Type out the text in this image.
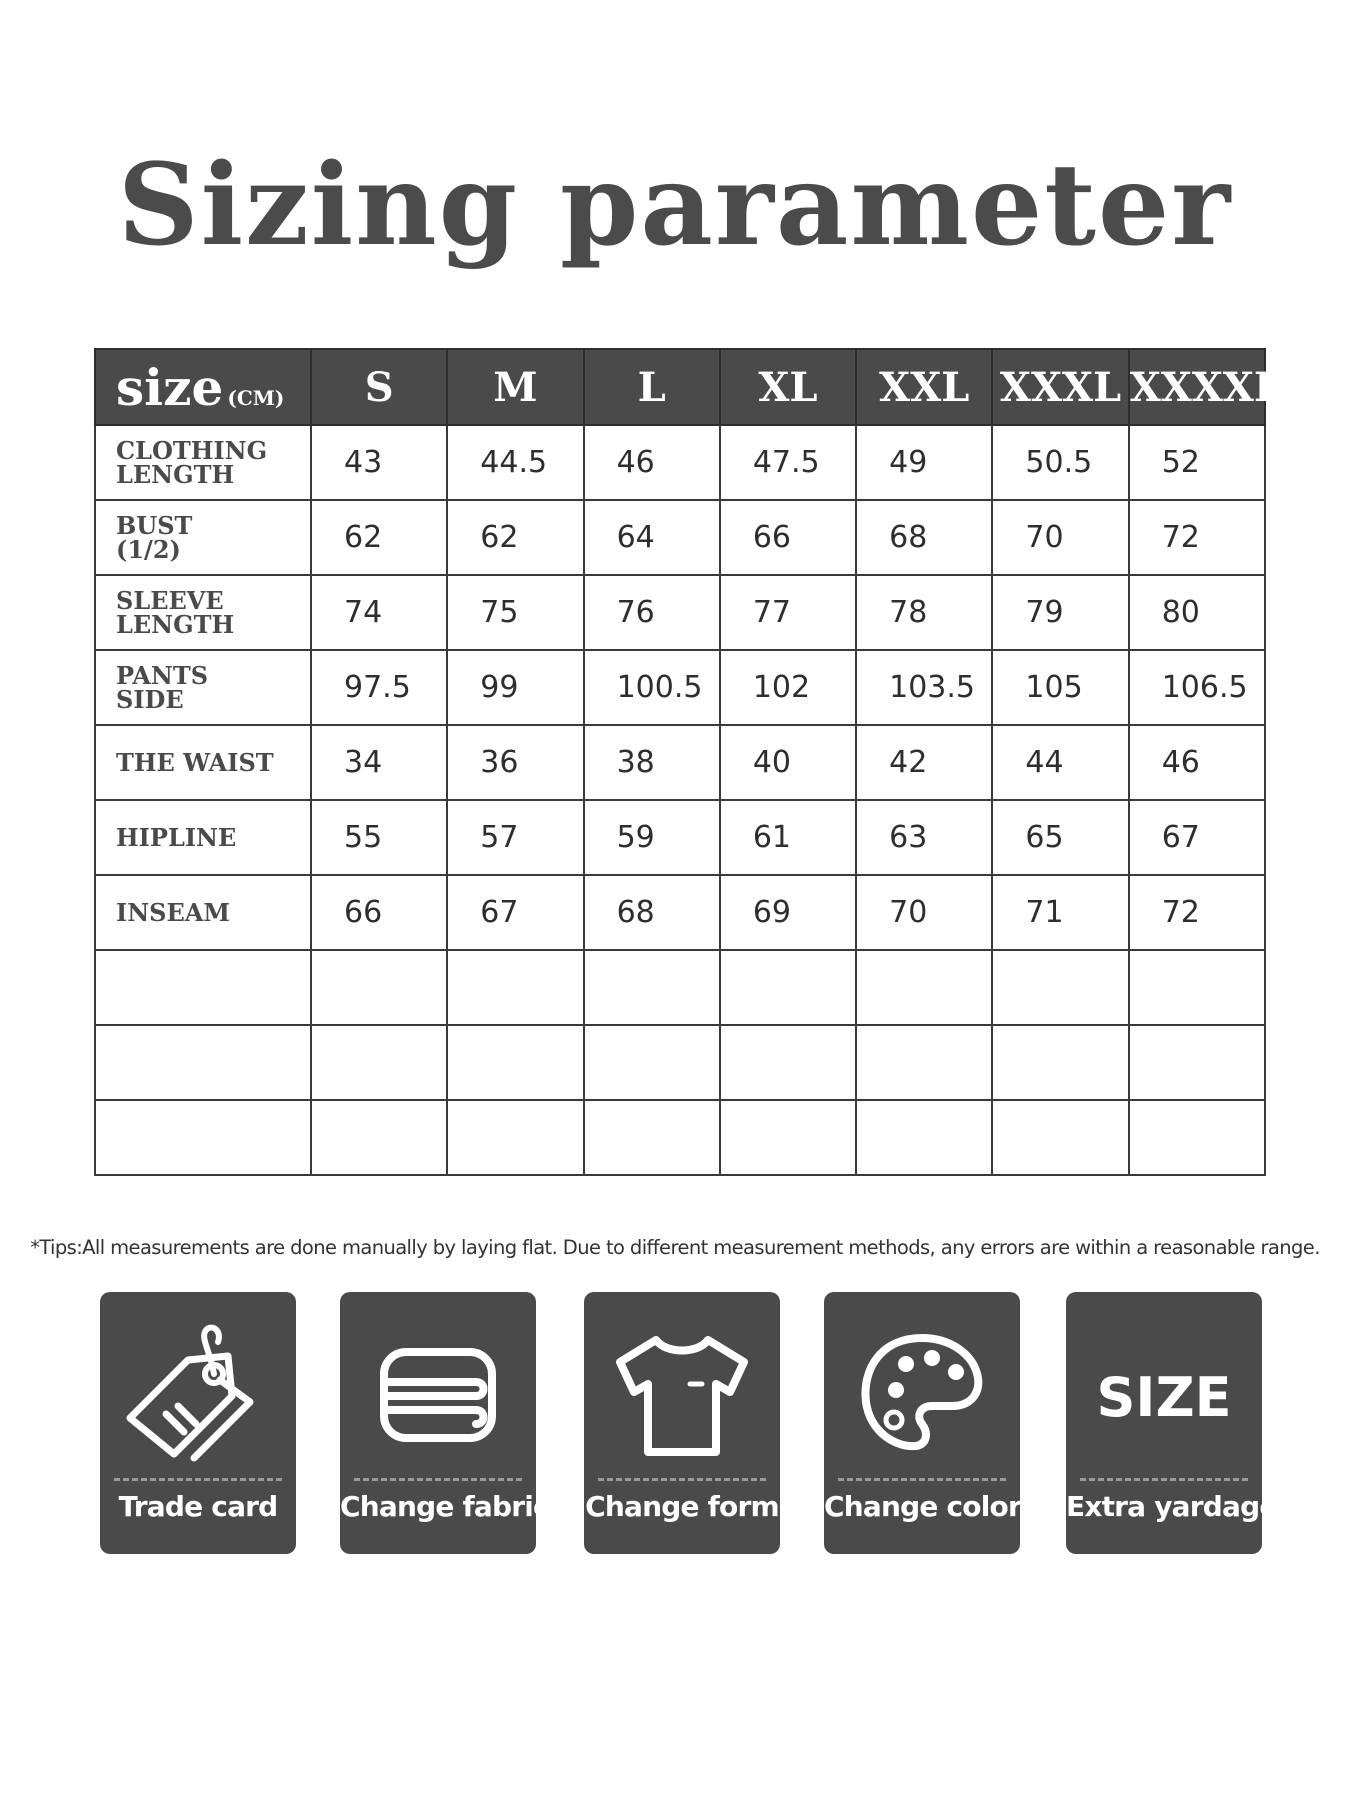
Sizing parameter
size (CM)	S	M	L	XL	XXL	XXXL	XXXXL

CLOTHING
LENGTH	43	44.5	46	47.5	49	50.5	52

BUST
(1/2)	62	62	64	66	68	70	72

SLEEVE
LENGTH	74	75	76	77	78	79	80

PANTS
SIDE	97.5	99	100.5	102	103.5	105	106.5

THE WAIST	34	36	38	40	42	44	46

HIPLINE	55	57	59	61	63	65	67

INSEAM	66	67	68	69	70	71	72

*Tips:All measurements are done manually by laying flat. Due to different measurement methods, any errors are within a reasonable range.
Trade card	Change fabric Change form Change color
SIZE
Extra yardage
